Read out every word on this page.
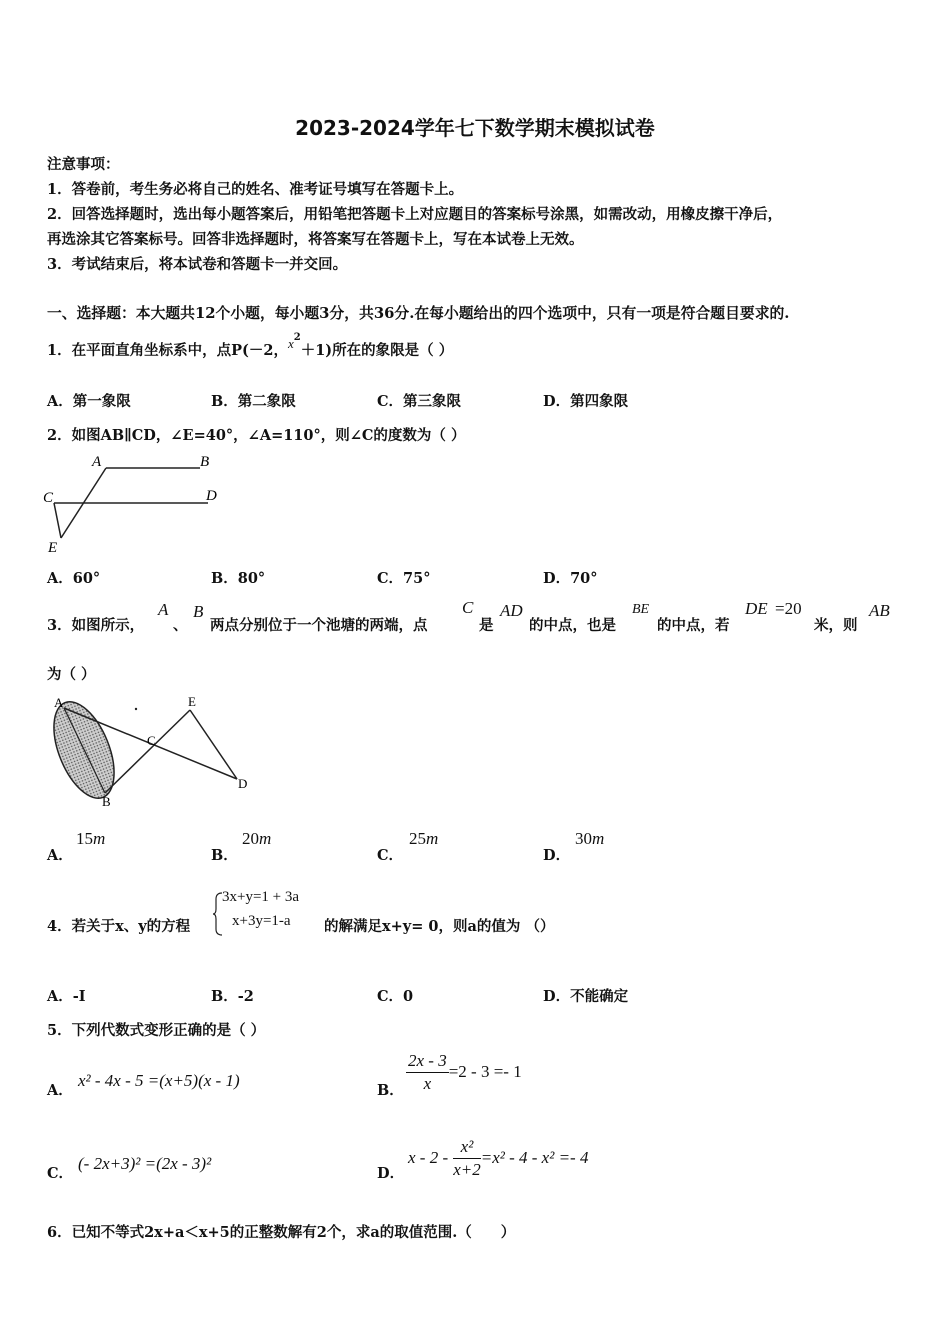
2023-2024学年七下数学期末模拟试卷
注意事项：
1．答卷前，考生务必将自己的姓名、准考证号填写在答题卡上。
2．回答选择题时，选出每小题答案后，用铅笔把答题卡上对应题目的答案标号涂黑，如需改动，用橡皮擦干净后，
再选涂其它答案标号。回答非选择题时，将答案写在答题卡上，写在本试卷上无效。
3．考试结束后，将本试卷和答题卡一并交回。
一、选择题：本大题共12个小题，每小题3分，共36分.在每小题给出的四个选项中，只有一项是符合题目要求的.
1．在平面直角坐标系中，点P(－2，$x^2+1$)所在的象限是（ ）
A．第一象限	B．第二象限	C．第三象限	D．第四象限
2．如图AB∥CD，∠E=40°，∠A=110°，则∠C的度数为（ ）
A	B
C	D
E
A．60°	B．80°	C．75°	D．70°
3．如图所示，
A
、
B
两点分别位于一个池塘的两端，点
C
是
AD
的中点，也是
BE
的中点，若
DE =20
米，则
AB
为（ ）
A
B
C
D
E
A．
15m
B．
20m
C．
25m
D．
30m
4．若关于x、y的方程
3x+y=1 + 3a
x+3y=1-a 的解满足x+y= 0，则a的值为 （）
A．-I	B．-2	C．0	D．不能确定
5．下列代数式变形正确的是（ ）
A．
x² - 4x - 5 =(x+5)(x - 1)
B． $\frac{2x - 3}{x} =2 - 3 =- 1$
C．
(- 2x+3)² =(2x - 3)²
D．
$x - 2 - \frac{\text{x²}}{x+2} =x^2 - 4 - x^2 =- 4$
6．已知不等式2x+a＜x+5的正整数解有2个，求a的取值范围.（　　）
